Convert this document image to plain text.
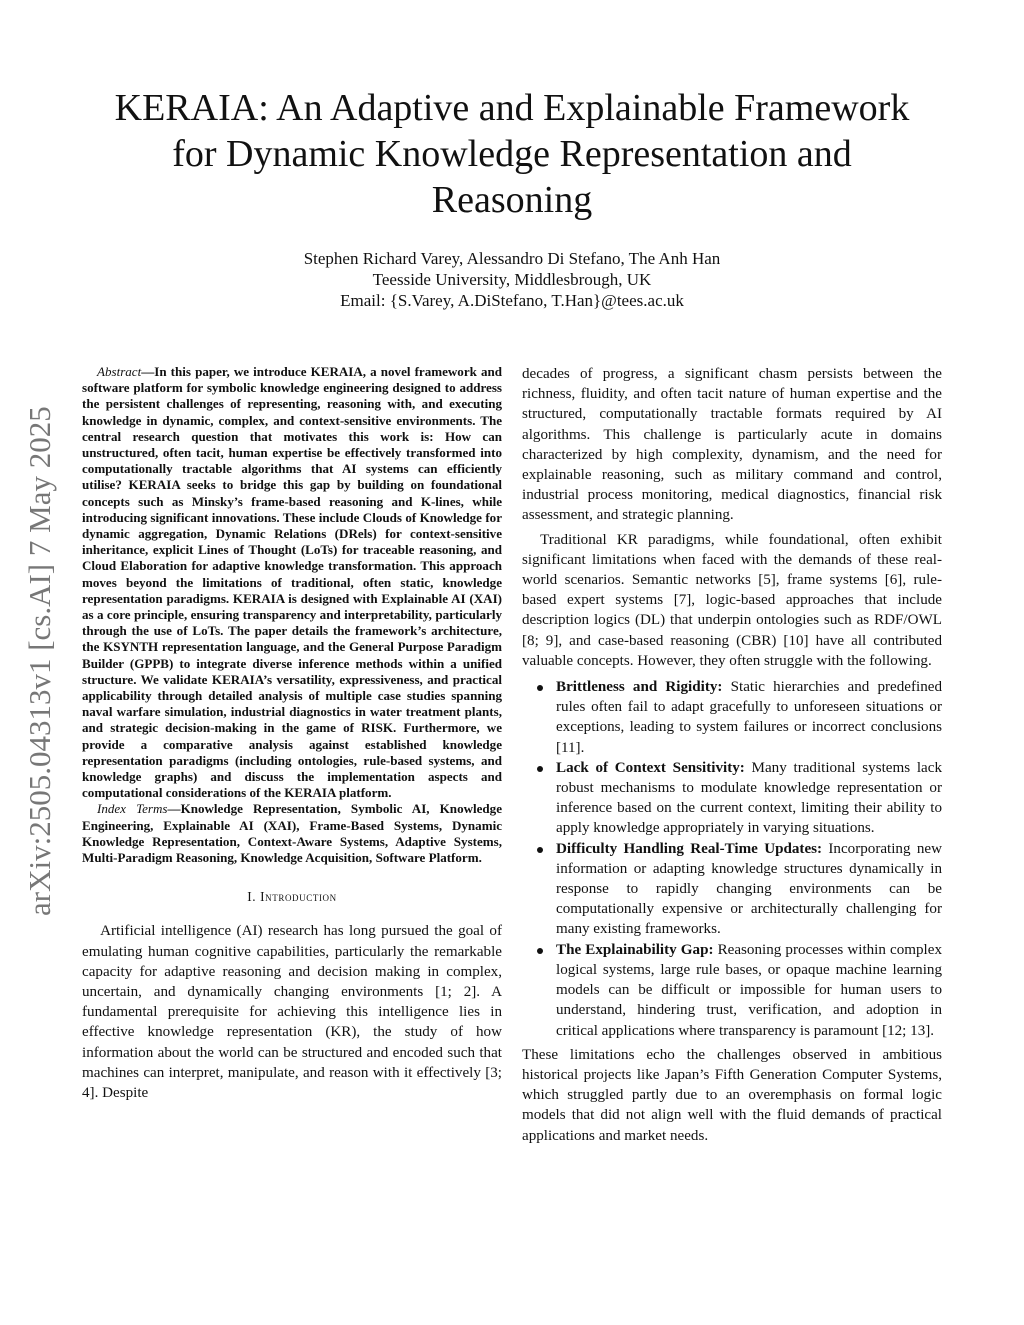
KERAIA: An Adaptive and Explainable Framework
for Dynamic Knowledge Representation and
Reasoning
Stephen Richard Varey, Alessandro Di Stefano, The Anh Han
Teesside University, Middlesbrough, UK
Email: {S.Varey, A.DiStefano, T.Han}@tees.ac.uk
arXiv:2505.04313v1 [cs.AI] 7 May 2025

Abstract—In this paper, we introduce KERAIA, a novel framework and software platform for symbolic knowledge engineering designed to address the persistent challenges of representing, reasoning with, and executing knowledge in dynamic, complex, and context-sensitive environments. The central research question that motivates this work is: How can unstructured, often tacit, human expertise be effectively transformed into computationally tractable algorithms that AI systems can efficiently utilise? KERAIA seeks to bridge this gap by building on foundational concepts such as Minsky’s frame-based reasoning and K-lines, while introducing significant innovations. These include Clouds of Knowledge for dynamic aggregation, Dynamic Relations (DRels) for context-sensitive inheritance, explicit Lines of Thought (LoTs) for traceable reasoning, and Cloud Elaboration for adaptive knowledge transformation. This approach moves beyond the limitations of traditional, often static, knowledge representation paradigms. KERAIA is designed with Explainable AI (XAI) as a core principle, ensuring transparency and interpretability, particularly through the use of LoTs. The paper details the framework’s architecture, the KSYNTH representation language, and the General Purpose Paradigm Builder (GPPB) to integrate diverse inference methods within a unified structure. We validate KERAIA’s versatility, expressiveness, and practical applicability through detailed analysis of multiple case studies spanning naval warfare simulation, industrial diagnostics in water treatment plants, and strategic decision-making in the game of RISK. Furthermore, we provide a comparative analysis against established knowledge representation paradigms (including ontologies, rule-based systems, and knowledge graphs) and discuss the implementation aspects and computational considerations of the KERAIA platform.

Index Terms—Knowledge Representation, Symbolic AI, Knowledge Engineering, Explainable AI (XAI), Frame-Based Systems, Dynamic Knowledge Representation, Context-Aware Systems, Adaptive Systems, Multi-Paradigm Reasoning, Knowledge Acquisition, Software Platform.

I. Introduction

Artificial intelligence (AI) research has long pursued the goal of emulating human cognitive capabilities, particularly the remarkable capacity for adaptive reasoning and decision making in complex, uncertain, and dynamically changing environments [1; 2]. A fundamental prerequisite for achieving this intelligence lies in effective knowledge representation (KR), the study of how information about the world can be structured and encoded such that machines can interpret, manipulate, and reason with it effectively [3; 4]. Despite

decades of progress, a significant chasm persists between the richness, fluidity, and often tacit nature of human expertise and the structured, computationally tractable formats required by AI algorithms. This challenge is particularly acute in domains characterized by high complexity, dynamism, and the need for explainable reasoning, such as military command and control, industrial process monitoring, medical diagnostics, financial risk assessment, and strategic planning.

Traditional KR paradigms, while foundational, often exhibit significant limitations when faced with the demands of these real-world scenarios. Semantic networks [5], frame systems [6], rule-based expert systems [7], logic-based approaches that include description logics (DL) that underpin ontologies such as RDF/OWL [8; 9], and case-based reasoning (CBR) [10] have all contributed valuable concepts. However, they often struggle with the following.

Brittleness and Rigidity: Static hierarchies and predefined rules often fail to adapt gracefully to unforeseen situations or exceptions, leading to system failures or incorrect conclusions [11].

Lack of Context Sensitivity: Many traditional systems lack robust mechanisms to modulate knowledge representation or inference based on the current context, limiting their ability to apply knowledge appropriately in varying situations.

Difficulty Handling Real-Time Updates: Incorporating new information or adapting knowledge structures dynamically in response to rapidly changing environments can be computationally expensive or architecturally challenging for many existing frameworks.

The Explainability Gap: Reasoning processes within complex logical systems, large rule bases, or opaque machine learning models can be difficult or impossible for human users to understand, hindering trust, verification, and adoption in critical applications where transparency is paramount [12; 13].

These limitations echo the challenges observed in ambitious historical projects like Japan’s Fifth Generation Computer Systems, which struggled partly due to an overemphasis on formal logic models that did not align well with the fluid demands of practical applications and market needs.
